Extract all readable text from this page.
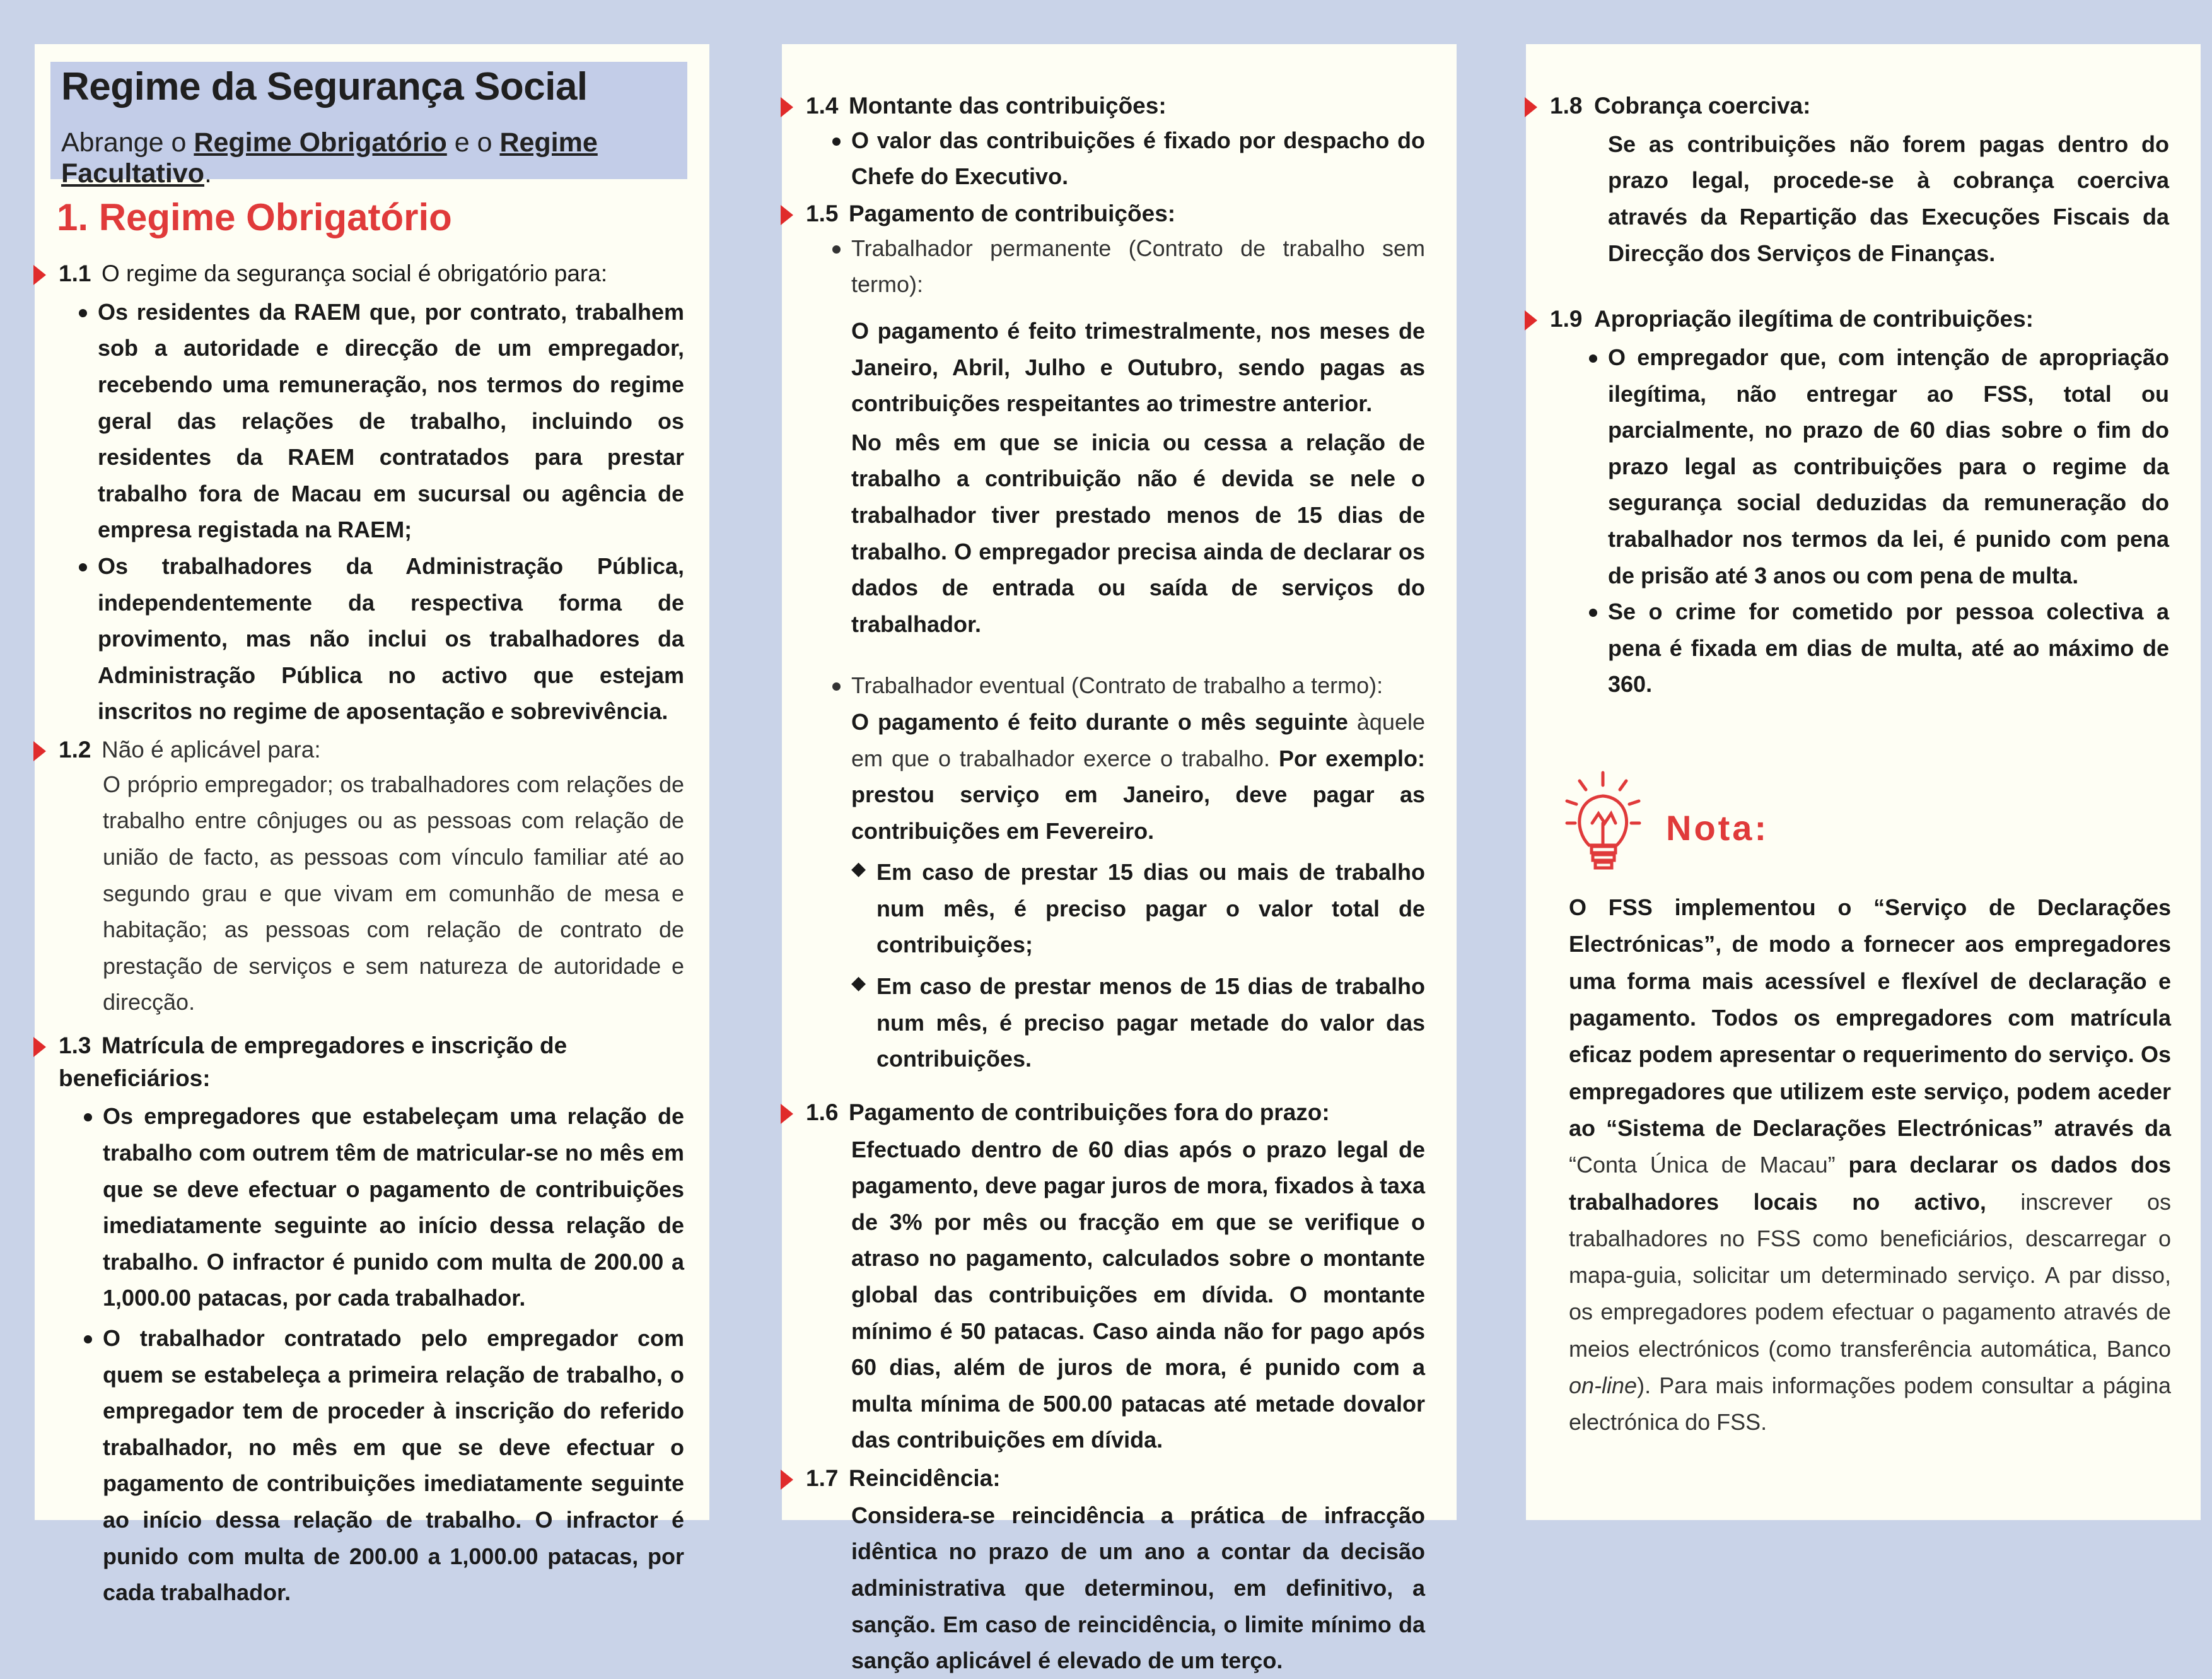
Regime da Segurança Social
Abrange o Regime Obrigatório e o Regime Facultativo.
1. Regime Obrigatório
1.1 O regime da segurança social é obrigatório para:
Os residentes da RAEM que, por contrato, trabalhem sob a autoridade e direcção de um empregador, recebendo uma remuneração, nos termos do regime geral das relações de trabalho, incluindo os residentes da RAEM contratados para prestar trabalho fora de Macau em sucursal ou agência de empresa registada na RAEM;
Os trabalhadores da Administração Pública, independentemente da respectiva forma de provimento, mas não inclui os trabalhadores da Administração Pública no activo que estejam inscritos no regime de aposentação e sobrevivência.
1.2 Não é aplicável para:
O próprio empregador; os trabalhadores com relações de trabalho entre cônjuges ou as pessoas com relação de união de facto, as pessoas com vínculo familiar até ao segundo grau e que vivam em comunhão de mesa e habitação; as pessoas com relação de contrato de prestação de serviços e sem natureza de autoridade e direcção.
1.3 Matrícula de empregadores e inscrição de beneficiários:
Os empregadores que estabeleçam uma relação de trabalho com outrem têm de matricular-se no mês em que se deve efectuar o pagamento de contribuições imediatamente seguinte ao início dessa relação de trabalho. O infractor é punido com multa de 200.00 a 1,000.00 patacas, por cada trabalhador.
O trabalhador contratado pelo empregador com quem se estabeleça a primeira relação de trabalho, o empregador tem de proceder à inscrição do referido trabalhador, no mês em que se deve efectuar o pagamento de contribuições imediatamente seguinte ao início dessa relação de trabalho. O infractor é punido com multa de 200.00 a 1,000.00 patacas, por cada trabalhador.
1.4 Montante das contribuições:
O valor das contribuições é fixado por despacho do Chefe do Executivo.
1.5 Pagamento de contribuições:
Trabalhador permanente (Contrato de trabalho sem termo):
O pagamento é feito trimestralmente, nos meses de Janeiro, Abril, Julho e Outubro, sendo pagas as contribuições respeitantes ao trimestre anterior.
No mês em que se inicia ou cessa a relação de trabalho a contribuição não é devida se nele o trabalhador tiver prestado menos de 15 dias de trabalho. O empregador precisa ainda de declarar os dados de entrada ou saída de serviços do trabalhador.
Trabalhador eventual (Contrato de trabalho a termo):
O pagamento é feito durante o mês seguinte àquele em que o trabalhador exerce o trabalho. Por exemplo: prestou serviço em Janeiro, deve pagar as contribuições em Fevereiro.
◆ Em caso de prestar 15 dias ou mais de trabalho num mês, é preciso pagar o valor total de contribuições;
◆ Em caso de prestar menos de 15 dias de trabalho num mês, é preciso pagar metade do valor das contribuições.
1.6 Pagamento de contribuições fora do prazo:
Efectuado dentro de 60 dias após o prazo legal de pagamento, deve pagar juros de mora, fixados à taxa de 3% por mês ou fracção em que se verifique o atraso no pagamento, calculados sobre o montante global das contribuições em dívida. O montante mínimo é 50 patacas. Caso ainda não for pago após 60 dias, além de juros de mora, é punido com a multa mínima de 500.00 patacas até metade dovalor das contribuições em dívida.
1.7 Reincidência:
Considera-se reincidência a prática de infracção idêntica no prazo de um ano a contar da decisão administrativa que determinou, em definitivo, a sanção. Em caso de reincidência, o limite mínimo da sanção aplicável é elevado de um terço.
1.8 Cobrança coerciva:
Se as contribuições não forem pagas dentro do prazo legal, procede-se à cobrança coerciva através da Repartição das Execuções Fiscais da Direcção dos Serviços de Finanças.
1.9 Apropriação ilegítima de contribuições:
O empregador que, com intenção de apropriação ilegítima, não entregar ao FSS, total ou parcialmente, no prazo de 60 dias sobre o fim do prazo legal as contribuições para o regime da segurança social deduzidas da remuneração do trabalhador nos termos da lei, é punido com pena de prisão até 3 anos ou com pena de multa.
Se o crime for cometido por pessoa colectiva a pena é fixada em dias de multa, até ao máximo de 360.
Nota:
O FSS implementou o “Serviço de Declarações Electrónicas”, de modo a fornecer aos empregadores uma forma mais acessível e flexível de declaração e pagamento. Todos os empregadores com matrícula eficaz podem apresentar o requerimento do serviço. Os empregadores que utilizem este serviço, podem aceder ao “Sistema de Declarações Electrónicas” através da “Conta Única de Macau” para declarar os dados dos trabalhadores locais no activo, inscrever os trabalhadores no FSS como beneficiários, descarregar o mapa-guia, solicitar um determinado serviço. A par disso, os empregadores podem efectuar o pagamento através de meios electrónicos (como transferência automática, Banco on-line). Para mais informações podem consultar a página electrónica do FSS.
